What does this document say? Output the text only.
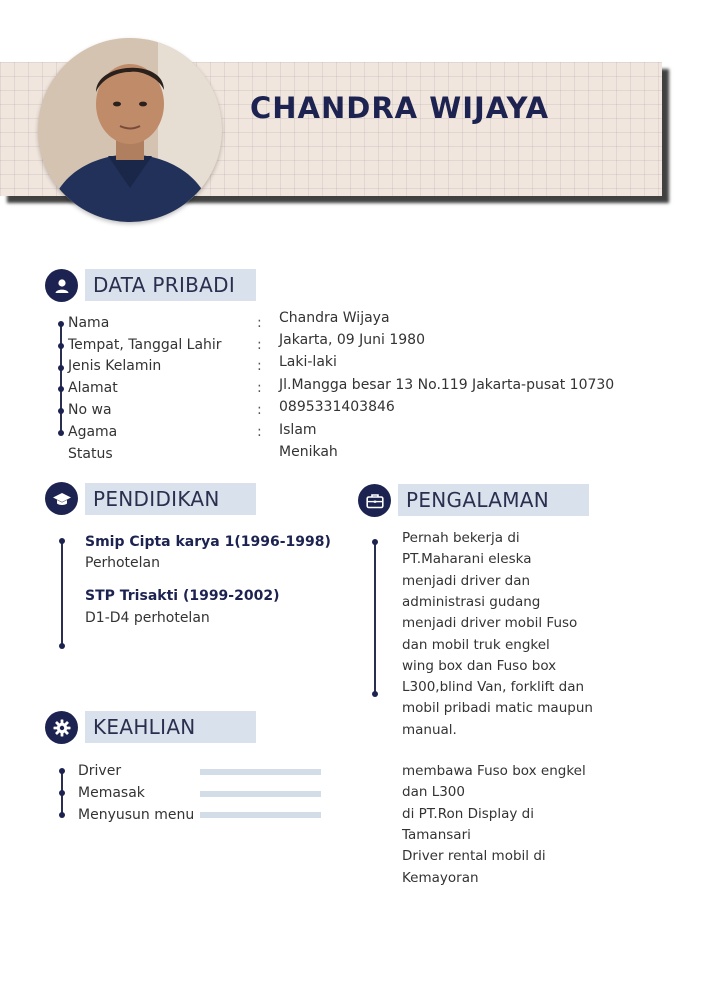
CHANDRA WIJAYA
DATA PRIBADI
Nama	: Chandra Wijaya
Tempat, Tanggal Lahir	: Jakarta, 09 Juni 1980
Jenis Kelamin	: Laki-laki
Alamat	: Jl.Mangga besar 13 No.119 Jakarta-pusat 10730
No wa	: 0895331403846
Agama	: Islam
Status	Menikah
PENDIDIKAN
Smip Cipta karya 1(1996-1998)
Perhotelan
STP Trisakti (1999-2002)
D1-D4 perhotelan
PENGALAMAN
Pernah bekerja di
PT.Maharani eleska
menjadi driver dan
administrasi gudang
menjadi driver mobil Fuso
dan mobil truk engkel
wing box dan Fuso box
L300,blind Van, forklift dan
mobil pribadi matic maupun
manual.
membawa Fuso box engkel
dan L300
di PT.Ron Display di
Tamansari
Driver rental mobil di
Kemayoran
KEAHLIAN
Driver
Memasak
Menyusun menu
